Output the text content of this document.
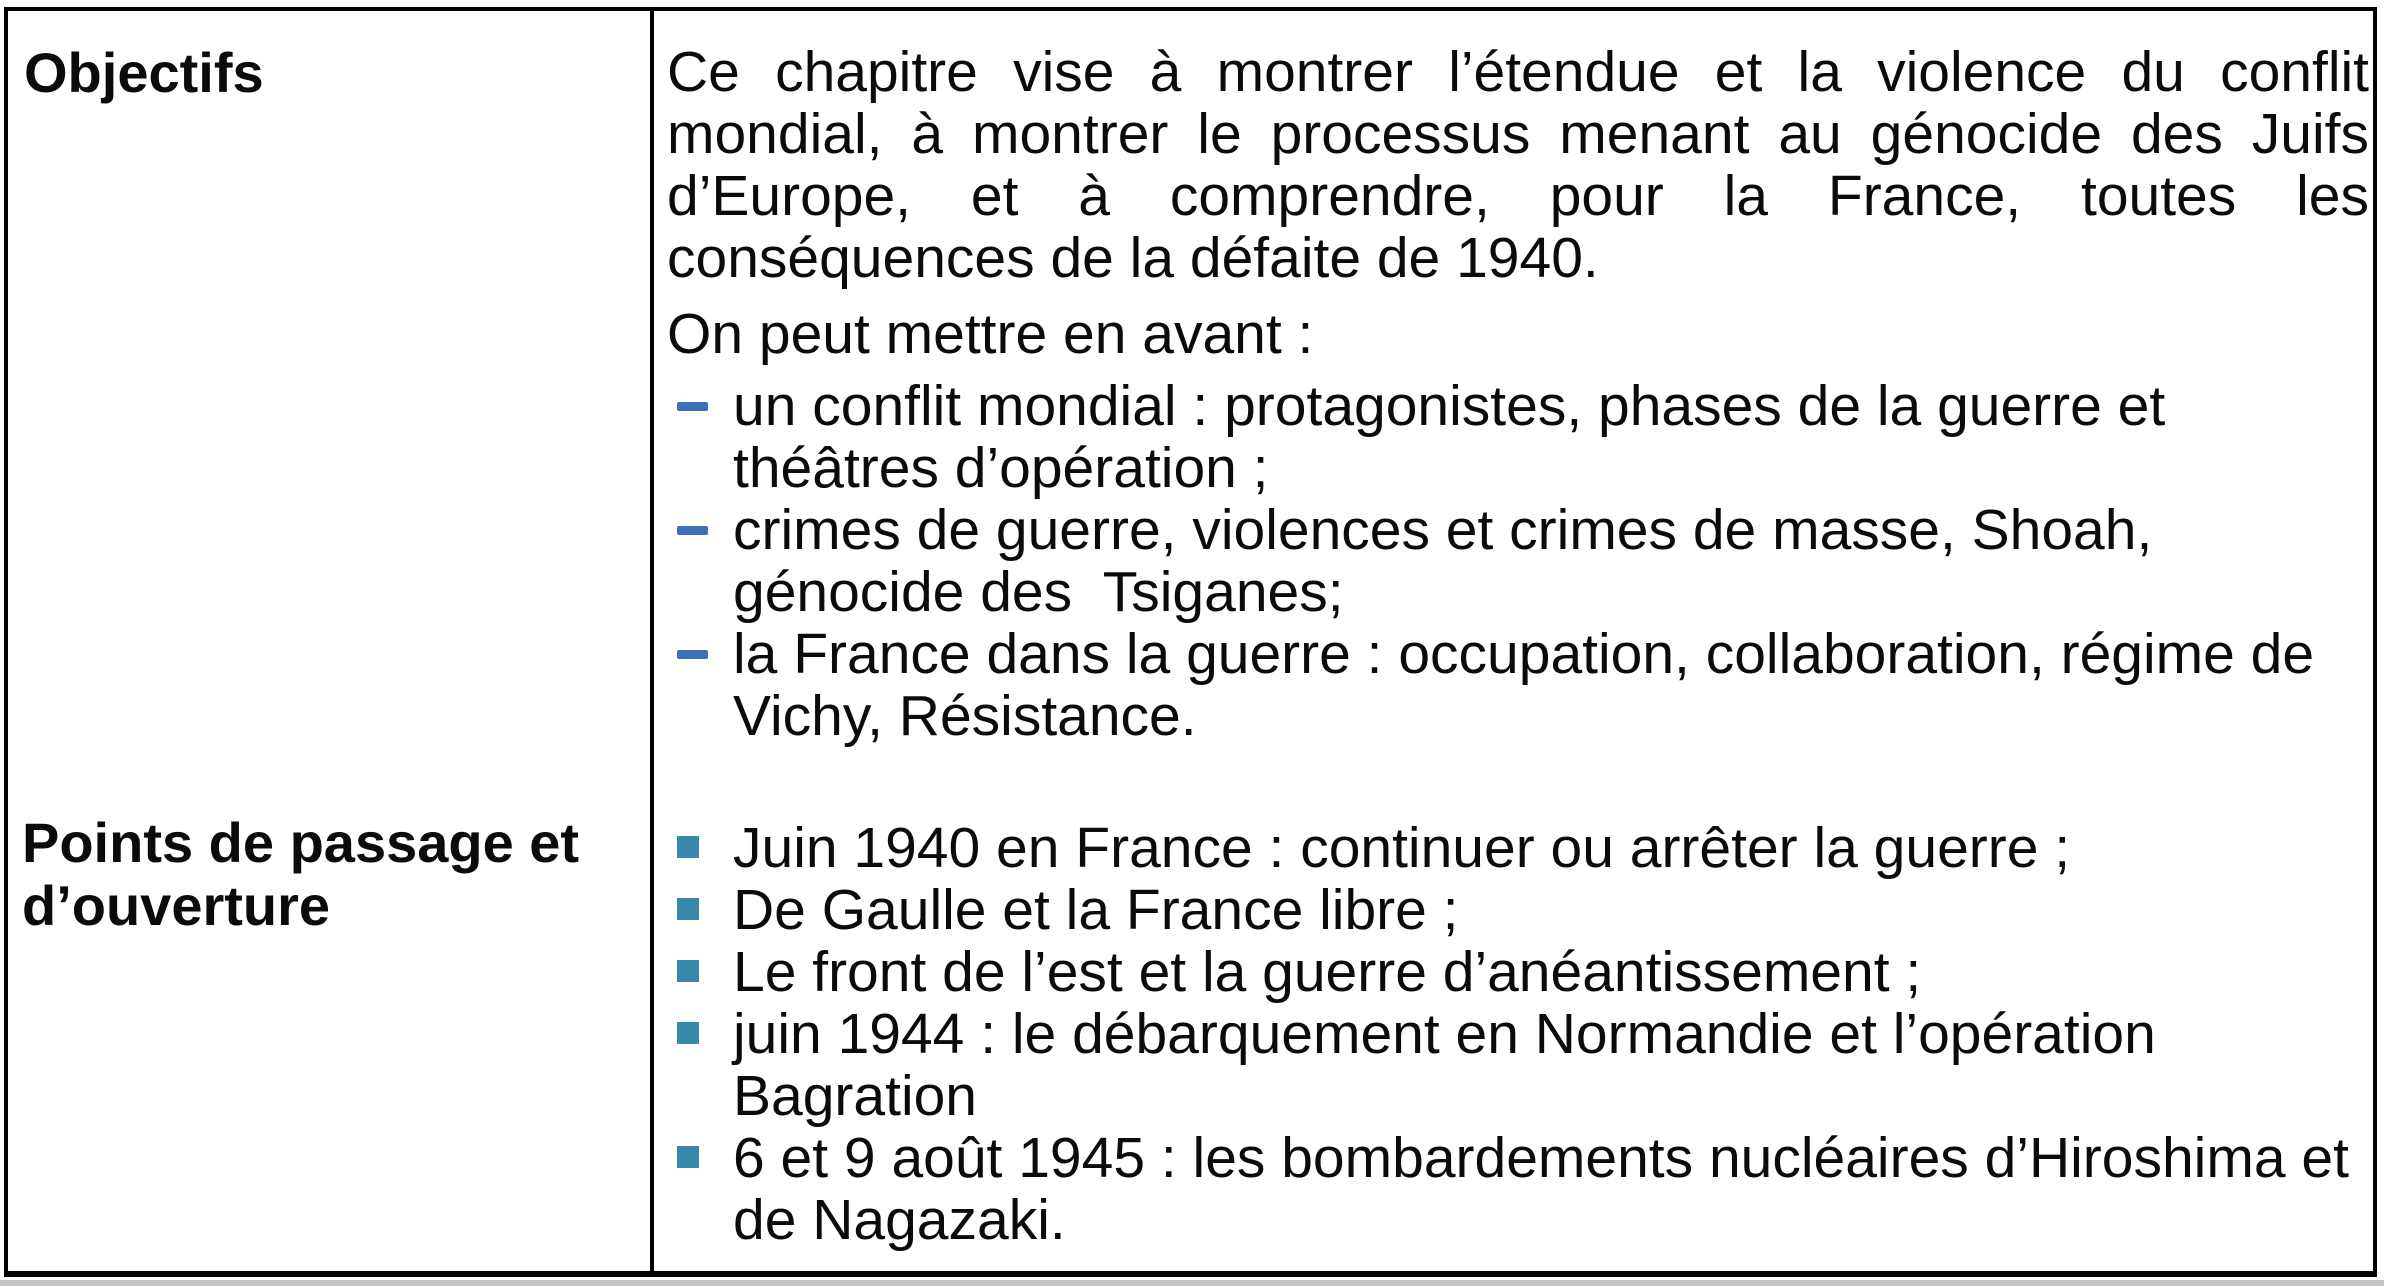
Objectifs
Points de passage et d’ouverture

Ce chapitre vise à montrer l’étendue et la violence du conflit mondial, à montrer le processus menant au génocide des Juifs d’Europe, et à comprendre, pour la France, toutes les conséquences de la défaite de 1940.

On peut mettre en avant :

un conflit mondial : protagonistes, phases de la guerre et théâtres d’opération ;
crimes de guerre, violences et crimes de masse, Shoah, génocide des  Tsiganes;
la France dans la guerre : occupation, collaboration, régime de Vichy, Résistance.
Juin 1940 en France : continuer ou arrêter la guerre ;
De Gaulle et la France libre ;
Le front de l’est et la guerre d’anéantissement ;
juin 1944 : le débarquement en Normandie et l’opération Bagration
6 et 9 août 1945 : les bombardements nucléaires d’Hiroshima et de Nagazaki.
